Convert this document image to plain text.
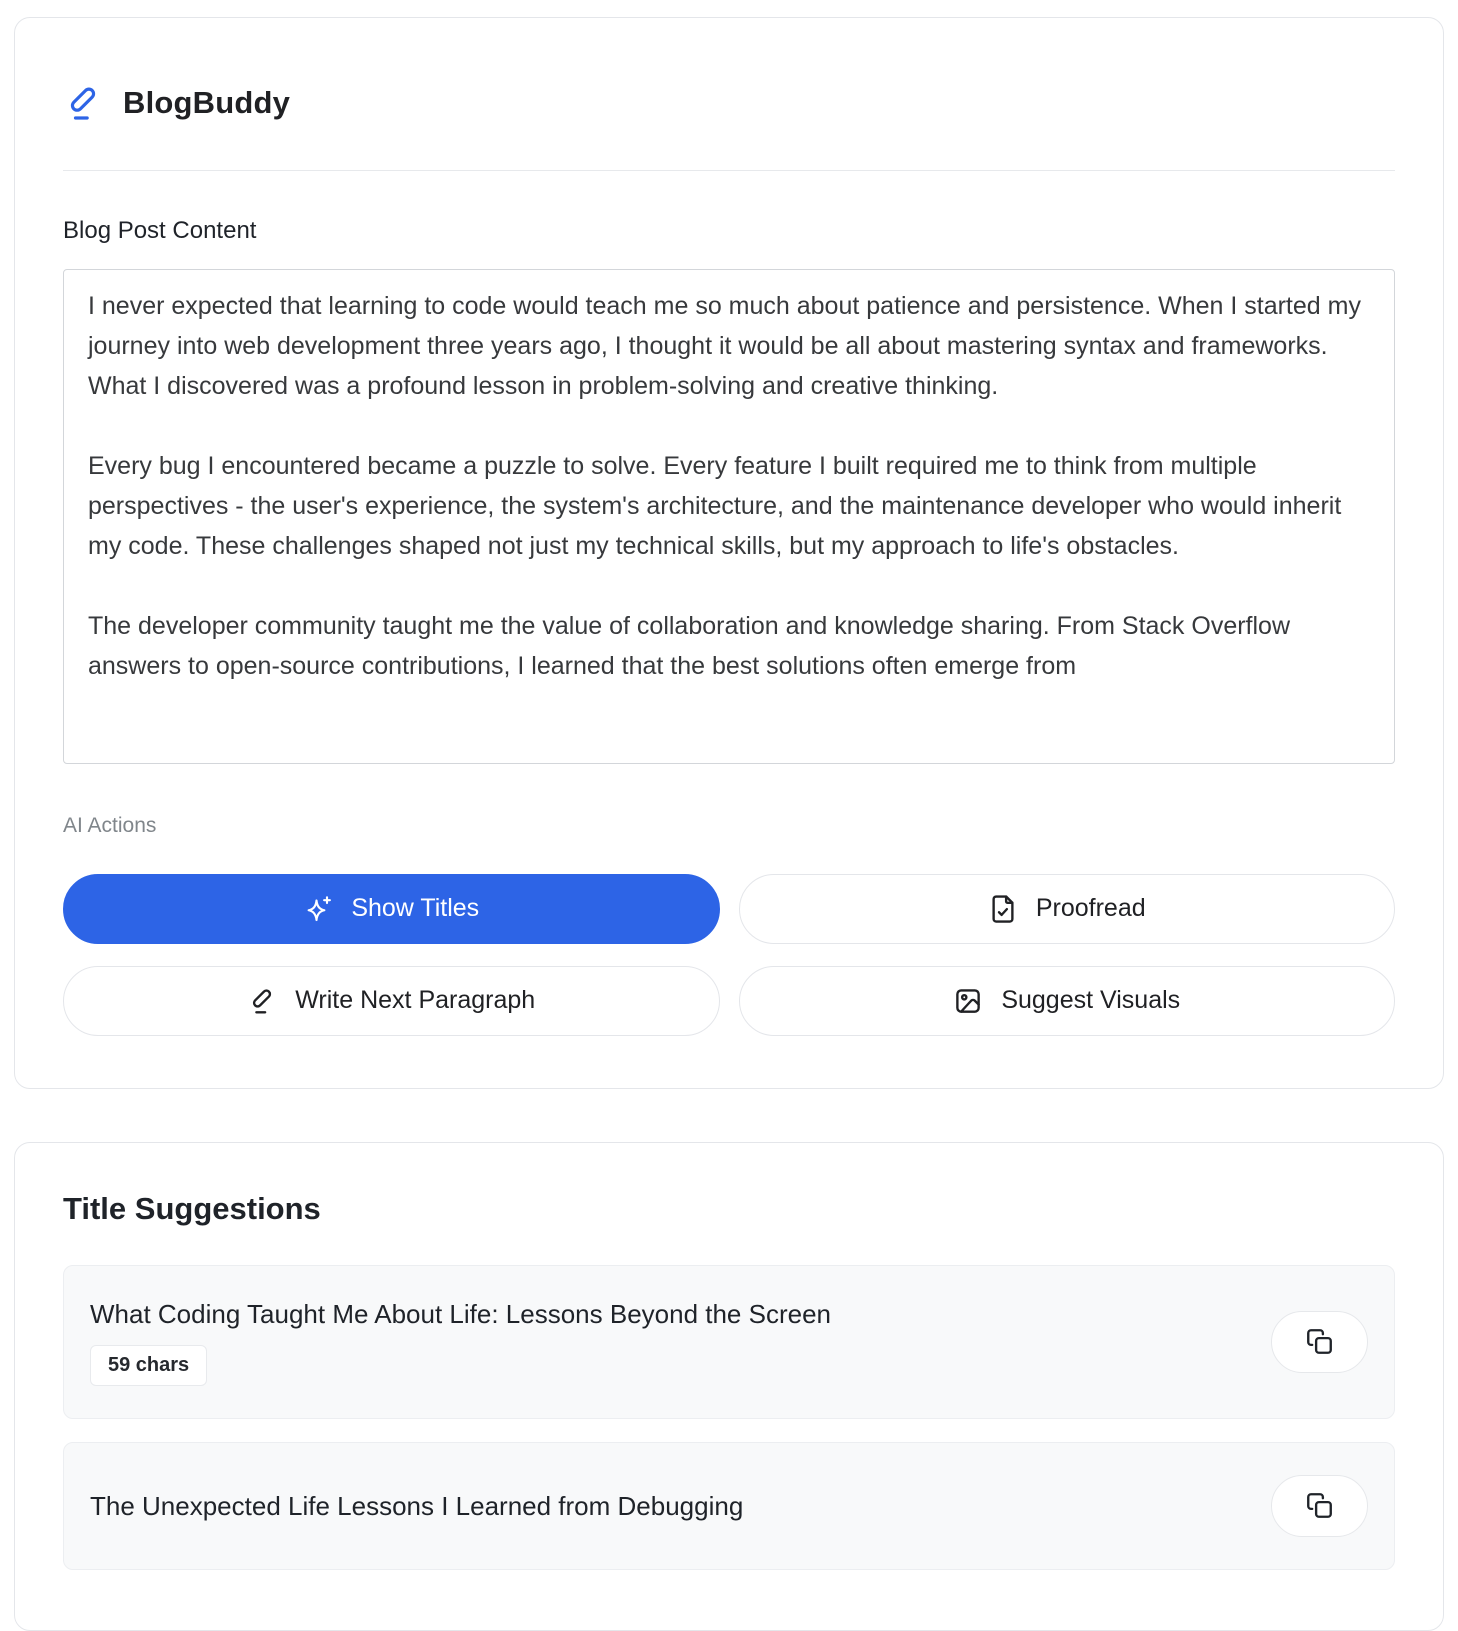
BlogBuddy
Blog Post Content
I never expected that learning to code would teach me so much about patience and persistence. When I started my journey into web development three years ago, I thought it would be all about mastering syntax and frameworks. What I discovered was a profound lesson in problem-solving and creative thinking. Every bug I encountered became a puzzle to solve. Every feature I built required me to think from multiple perspectives - the user's experience, the system's architecture, and the maintenance developer who would inherit my code. These challenges shaped not just my technical skills, but my approach to life's obstacles. The developer community taught me the value of collaboration and knowledge sharing. From Stack Overflow answers to open-source contributions, I learned that the best solutions often emerge from
AI Actions
Show Titles	Proofread
Write Next Paragraph	Suggest Visuals
Title Suggestions
What Coding Taught Me About Life: Lessons Beyond the Screen
59 chars
The Unexpected Life Lessons I Learned from Debugging
